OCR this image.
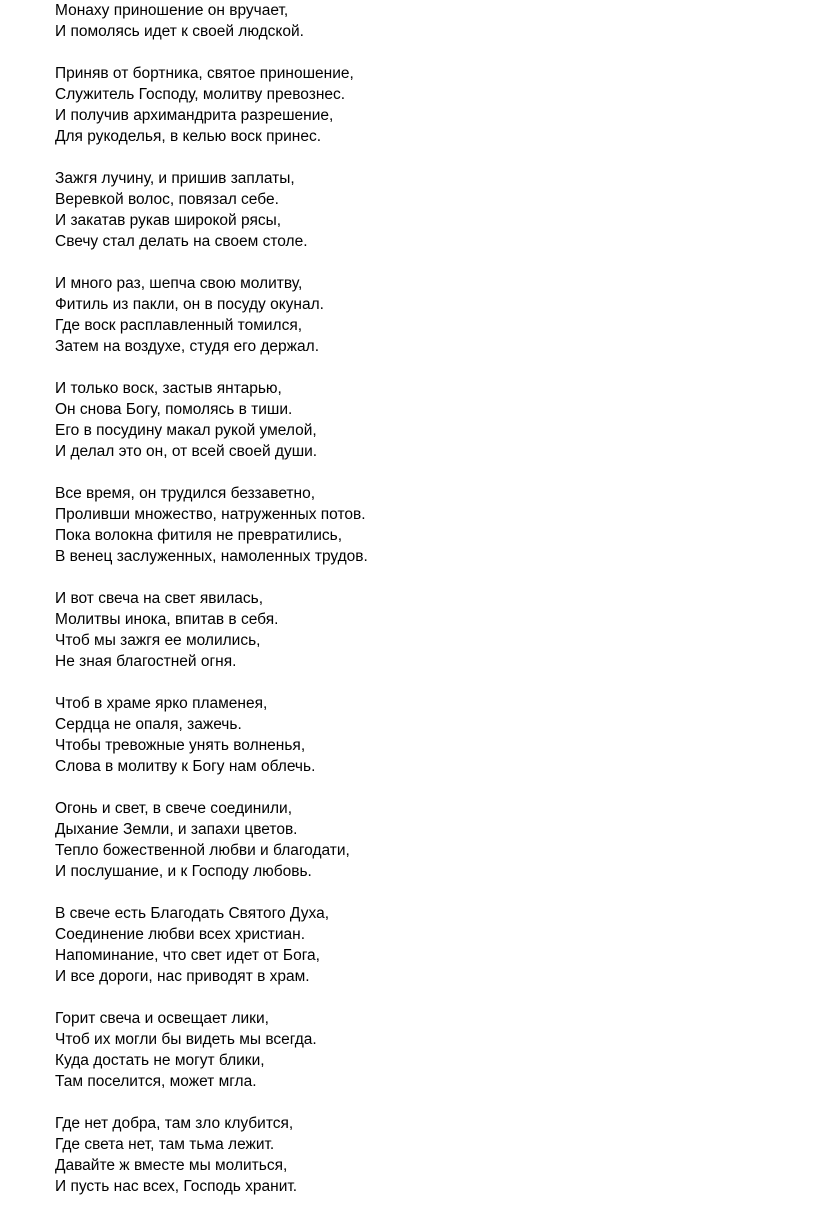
Монаху приношение он вручает,
И помолясь идет к своей людской.
Приняв от бортника, святое приношение,
Служитель Господу, молитву превознес.
И получив архимандрита разрешение,
Для рукоделья, в келью воск принес.
Зажгя лучину, и пришив заплаты,
Веревкой волос, повязал себе.
И закатав рукав широкой рясы,
Свечу стал делать на своем столе.
И много раз, шепча свою молитву,
Фитиль из пакли, он в посуду окунал.
Где воск расплавленный томился,
Затем на воздухе, студя его держал.
И только воск, застыв янтарью,
Он снова Богу, помолясь в тиши.
Его в посудину макал рукой умелой,
И делал это он, от всей своей души.
Все время, он трудился беззаветно,
Проливши множество, натруженных потов.
Пока волокна фитиля не превратились,
В венец заслуженных, намоленных трудов.
И вот свеча на свет явилась,
Молитвы инока, впитав в себя.
Чтоб мы зажгя ее молились,
Не зная благостней огня.
Чтоб в храме ярко пламенея,
Сердца не опаля, зажечь.
Чтобы тревожные унять волненья,
Слова в молитву к Богу нам облечь.
Огонь и свет, в свече соединили,
Дыхание Земли, и запахи цветов.
Тепло божественной любви и благодати,
И послушание, и к Господу любовь.
В свече есть Благодать Святого Духа,
Соединение любви всех христиан.
Напоминание, что свет идет от Бога,
И все дороги, нас приводят в храм.
Горит свеча и освещает лики,
Чтоб их могли бы видеть мы всегда.
Куда достать не могут блики,
Там поселится, может мгла.
Где нет добра, там зло клубится,
Где света нет, там тьма лежит.
Давайте ж вместе мы молиться,
И пусть нас всех, Господь хранит.
